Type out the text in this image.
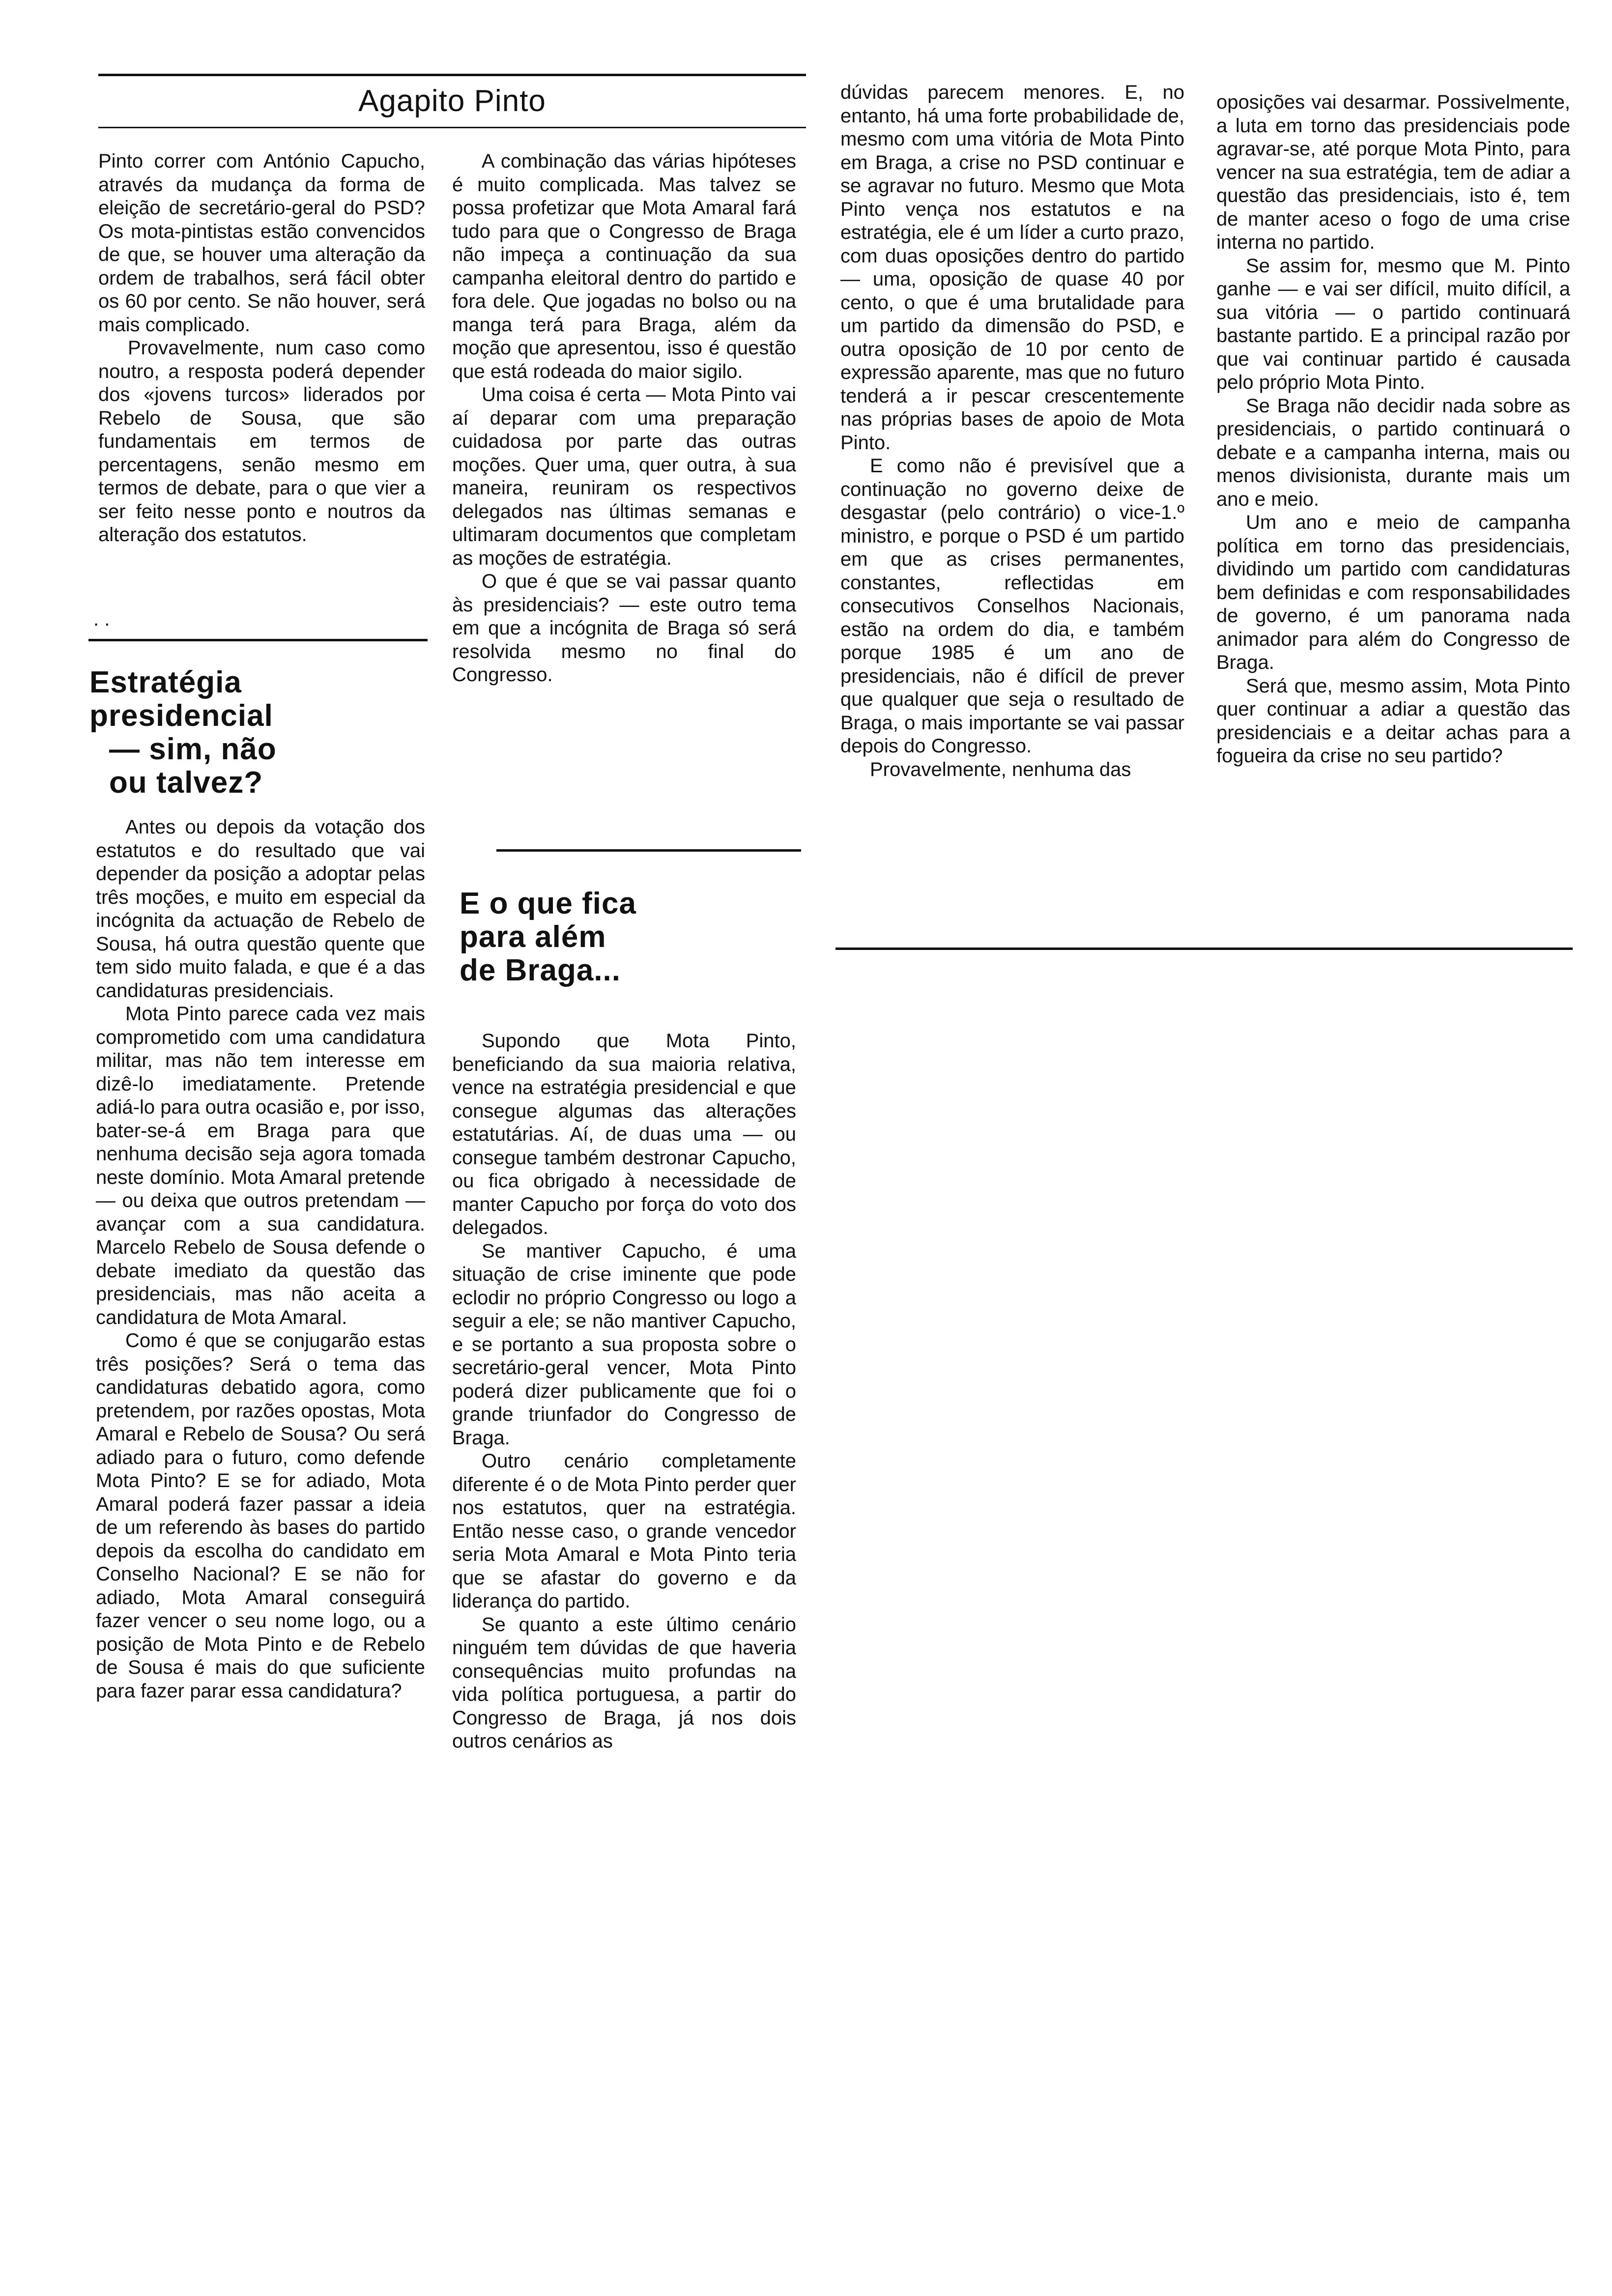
Agapito Pinto

Pinto correr com António Capucho, através da mudança da forma de eleição de secretário-geral do PSD? Os mota-pintistas estão convencidos de que, se houver uma alteração da ordem de trabalhos, será fácil obter os 60 por cento. Se não houver, será mais complicado.

Provavelmente, num caso como noutro, a resposta poderá depender dos «jovens turcos» liderados por Rebelo de Sousa, que são fundamentais em termos de percentagens, senão mesmo em termos de debate, para o que vier a ser feito nesse ponto e noutros da alteração dos estatutos.

. .
Estratégia
presidencial
— sim, não
ou talvez?

Antes ou depois da votação dos estatutos e do resultado que vai depender da posição a adoptar pelas três moções, e muito em especial da incógnita da actuação de Rebelo de Sousa, há outra questão quente que tem sido muito falada, e que é a das candidaturas presidenciais.

Mota Pinto parece cada vez mais comprometido com uma candidatura militar, mas não tem interesse em dizê-lo imediatamente. Pretende adiá-lo para outra ocasião e, por isso, bater-se-á em Braga para que nenhuma decisão seja agora tomada neste domínio. Mota Amaral pretende — ou deixa que outros pretendam — avançar com a sua candidatura. Marcelo Rebelo de Sousa defende o debate imediato da questão das presidenciais, mas não aceita a candidatura de Mota Amaral.

Como é que se conjugarão estas três posições? Será o tema das candidaturas debatido agora, como pretendem, por razões opostas, Mota Amaral e Rebelo de Sousa? Ou será adiado para o futuro, como defende Mota Pinto? E se for adiado, Mota Amaral poderá fazer passar a ideia de um referendo às bases do partido depois da escolha do candidato em Conselho Nacional? E se não for adiado, Mota Amaral conseguirá fazer vencer o seu nome logo, ou a posição de Mota Pinto e de Rebelo de Sousa é mais do que suficiente para fazer parar essa candidatura?

A combinação das várias hipóteses é muito complicada. Mas talvez se possa profetizar que Mota Amaral fará tudo para que o Congresso de Braga não impeça a continuação da sua campanha eleitoral dentro do partido e fora dele. Que jogadas no bolso ou na manga terá para Braga, além da moção que apresentou, isso é questão que está rodeada do maior sigilo.

Uma coisa é certa — Mota Pinto vai aí deparar com uma preparação cuidadosa por parte das outras moções. Quer uma, quer outra, à sua maneira, reuniram os respectivos delegados nas últimas semanas e ultimaram documentos que completam as moções de estratégia.

O que é que se vai passar quanto às presidenciais? — este outro tema em que a incógnita de Braga só será resolvida mesmo no final do Congresso.

E o que fica
para além
de Braga...

Supondo que Mota Pinto, beneficiando da sua maioria relativa, vence na estratégia presidencial e que consegue algumas das alterações estatutárias. Aí, de duas uma — ou consegue também destronar Capucho, ou fica obrigado à necessidade de manter Capucho por força do voto dos delegados.

Se mantiver Capucho, é uma situação de crise iminente que pode eclodir no próprio Congresso ou logo a seguir a ele; se não mantiver Capucho, e se portanto a sua proposta sobre o secretário-geral vencer, Mota Pinto poderá dizer publicamente que foi o grande triunfador do Congresso de Braga.

Outro cenário completamente diferente é o de Mota Pinto perder quer nos estatutos, quer na estratégia. Então nesse caso, o grande vencedor seria Mota Amaral e Mota Pinto teria que se afastar do governo e da liderança do partido.

Se quanto a este último cenário ninguém tem dúvidas de que haveria consequências muito profundas na vida política portuguesa, a partir do Congresso de Braga, já nos dois outros cenários as

dúvidas parecem menores. E, no entanto, há uma forte probabilidade de, mesmo com uma vitória de Mota Pinto em Braga, a crise no PSD continuar e se agravar no futuro. Mesmo que Mota Pinto vença nos estatutos e na estratégia, ele é um líder a curto prazo, com duas oposições dentro do partido — uma, oposição de quase 40 por cento, o que é uma brutalidade para um partido da dimensão do PSD, e outra oposição de 10 por cento de expressão aparente, mas que no futuro tenderá a ir pescar crescentemente nas próprias bases de apoio de Mota Pinto.

E como não é previsível que a continuação no governo deixe de desgastar (pelo contrário) o vice-1.º ministro, e porque o PSD é um partido em que as crises permanentes, constantes, reflectidas em consecutivos Conselhos Nacionais, estão na ordem do dia, e também porque 1985 é um ano de presidenciais, não é difícil de prever que qualquer que seja o resultado de Braga, o mais importante se vai passar depois do Congresso.

Provavelmente, nenhuma das

oposições vai desarmar. Possivelmente, a luta em torno das presidenciais pode agravar-se, até porque Mota Pinto, para vencer na sua estratégia, tem de adiar a questão das presidenciais, isto é, tem de manter aceso o fogo de uma crise interna no partido.

Se assim for, mesmo que M. Pinto ganhe — e vai ser difícil, muito difícil, a sua vitória — o partido continuará bastante partido. E a principal razão por que vai continuar partido é causada pelo próprio Mota Pinto.

Se Braga não decidir nada sobre as presidenciais, o partido continuará o debate e a campanha interna, mais ou menos divisionista, durante mais um ano e meio.

Um ano e meio de campanha política em torno das presidenciais, dividindo um partido com candidaturas bem definidas e com responsabilidades de governo, é um panorama nada animador para além do Congresso de Braga.

Será que, mesmo assim, Mota Pinto quer continuar a adiar a questão das presidenciais e a deitar achas para a fogueira da crise no seu partido?
